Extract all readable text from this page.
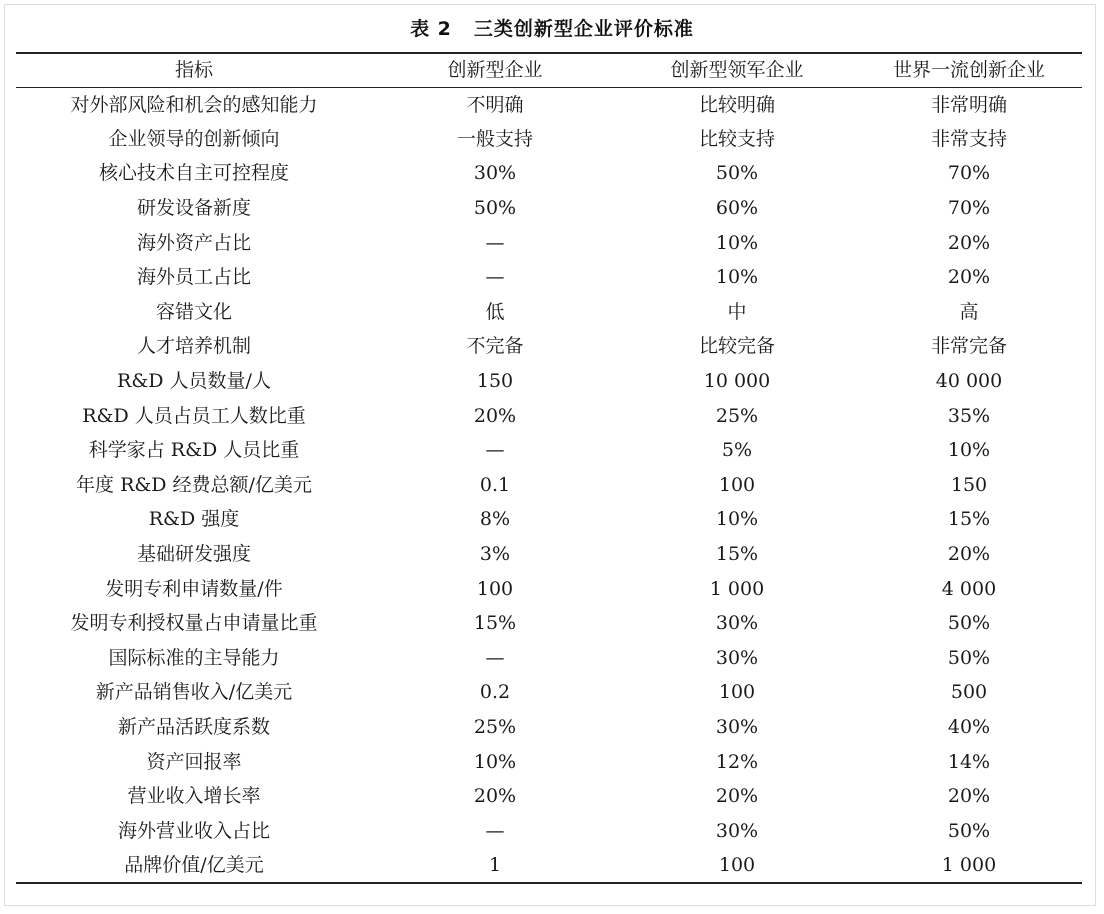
表 2 三类创新型企业评价标准
指标	创新型企业	创新型领军企业	世界一流创新企业
对外部风险和机会的感知能力	不明确	比较明确	非常明确
企业领导的创新倾向	一般支持	比较支持	非常支持
核心技术自主可控程度	30%	50%	70%
研发设备新度	50%	60%	70%
海外资产占比	—	10%	20%
海外员工占比	—	10%	20%
容错文化	低	中	高
人才培养机制	不完备	比较完备	非常完备
R&D 人员数量/人	150	10 000	40 000
R&D 人员占员工人数比重	20%	25%	35%
科学家占 R&D 人员比重	—	5%	10%
年度 R&D 经费总额/亿美元	0.1	100	150
R&D 强度	8%	10%	15%
基础研发强度	3%	15%	20%
发明专利申请数量/件	100	1 000	4 000
发明专利授权量占申请量比重	15%	30%	50%
国际标准的主导能力	—	30%	50%
新产品销售收入/亿美元	0.2	100	500
新产品活跃度系数	25%	30%	40%
资产回报率	10%	12%	14%
营业收入增长率	20%	20%	20%
海外营业收入占比	—	30%	50%
品牌价值/亿美元	1	100	1 000
